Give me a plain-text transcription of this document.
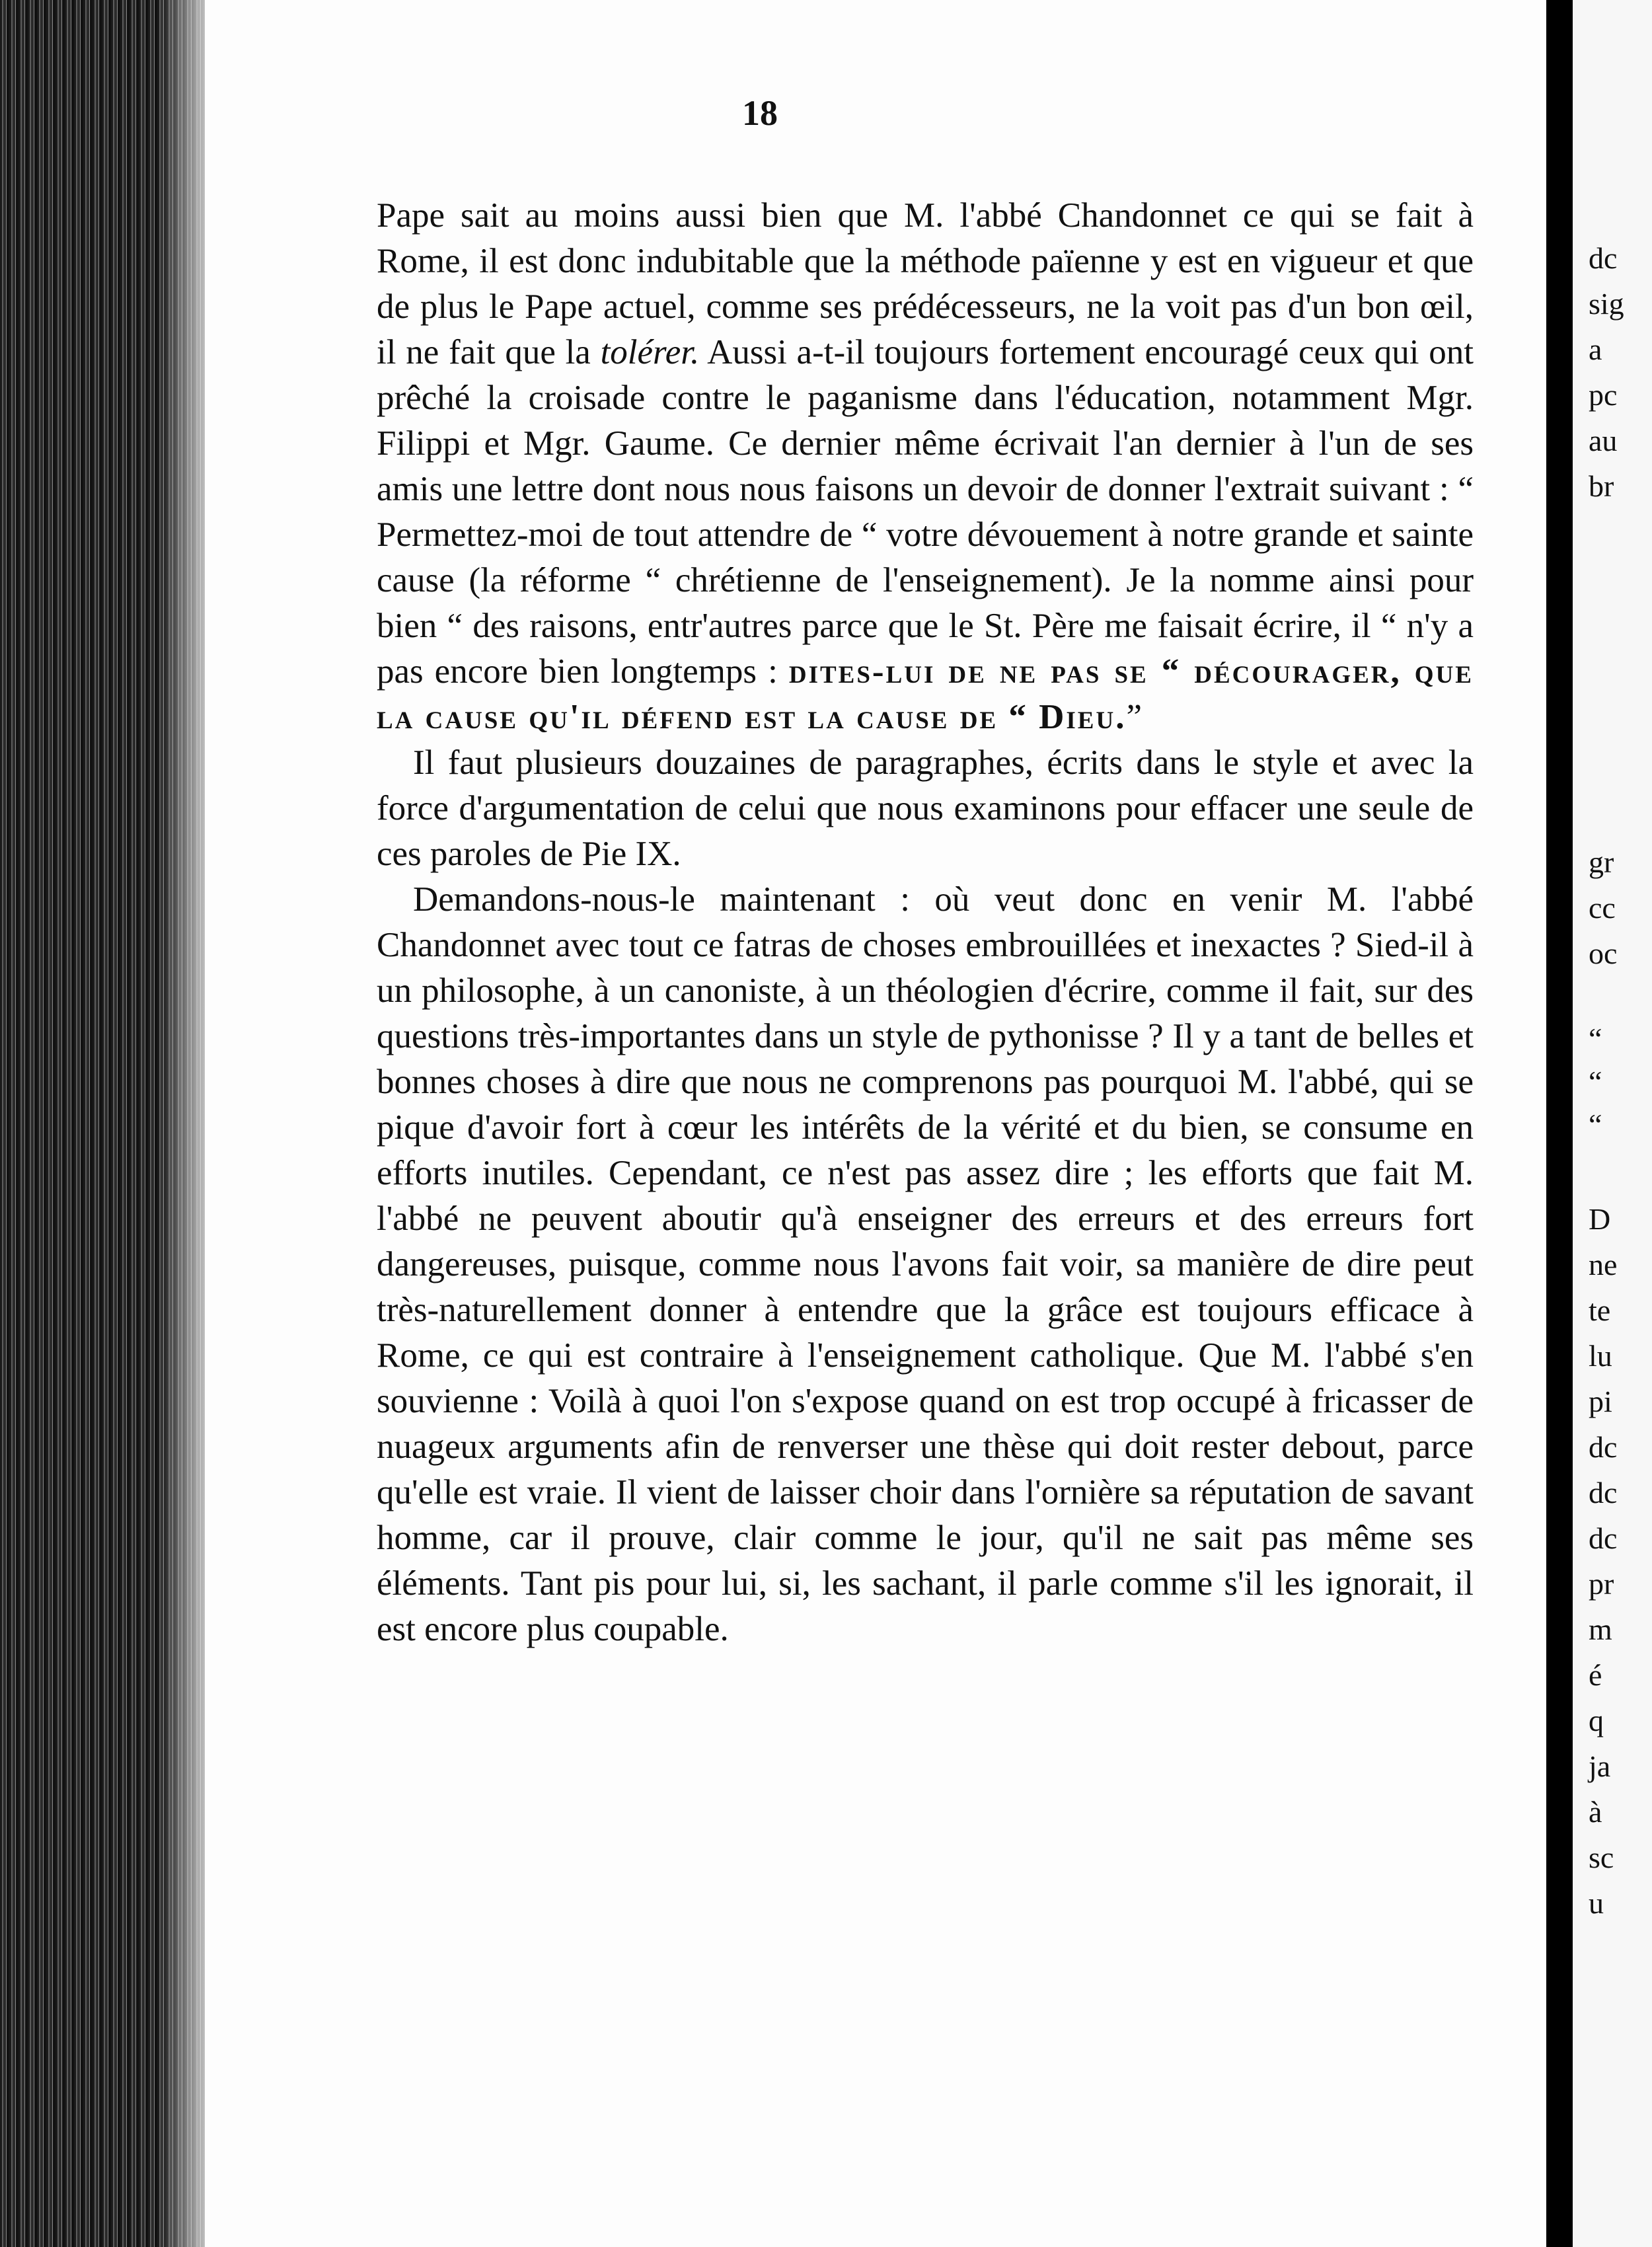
18

Pape sait au moins aussi bien que M. l'abbé Chandonnet ce qui se fait à Rome, il est donc indubitable que la méthode païenne y est en vigueur et que de plus le Pape actuel, comme ses prédécesseurs, ne la voit pas d'un bon œil, il ne fait que la tolérer. Aussi a-t-il toujours fortement encouragé ceux qui ont prêché la croisade contre le paganisme dans l'éducation, notamment Mgr. Filippi et Mgr. Gaume. Ce dernier même écrivait l'an dernier à l'un de ses amis une lettre dont nous nous faisons un devoir de donner l'extrait suivant : “ Permettez-moi de tout attendre de “ votre dévouement à notre grande et sainte cause (la réforme “ chrétienne de l'enseignement). Je la nomme ainsi pour bien “ des raisons, entr'autres parce que le St. Père me faisait écrire, il “ n'y a pas encore bien longtemps : dites-lui de ne pas se “ décourager, que la cause qu'il défend est la cause de “ Dieu.”

Il faut plusieurs douzaines de paragraphes, écrits dans le style et avec la force d'argumentation de celui que nous examinons pour effacer une seule de ces paroles de Pie IX.

Demandons-nous-le maintenant : où veut donc en venir M. l'abbé Chandonnet avec tout ce fatras de choses embrouillées et inexactes ? Sied-il à un philosophe, à un canoniste, à un théologien d'écrire, comme il fait, sur des questions très-importantes dans un style de pythonisse ? Il y a tant de belles et bonnes choses à dire que nous ne comprenons pas pourquoi M. l'abbé, qui se pique d'avoir fort à cœur les intérêts de la vérité et du bien, se consume en efforts inutiles. Cependant, ce n'est pas assez dire ; les efforts que fait M. l'abbé ne peuvent aboutir qu'à enseigner des erreurs et des erreurs fort dangereuses, puisque, comme nous l'avons fait voir, sa manière de dire peut très-naturellement donner à entendre que la grâce est toujours efficace à Rome, ce qui est contraire à l'enseignement catholique. Que M. l'abbé s'en souvienne : Voilà à quoi l'on s'expose quand on est trop occupé à fricasser de nuageux arguments afin de renverser une thèse qui doit rester debout, parce qu'elle est vraie. Il vient de laisser choir dans l'ornière sa réputation de savant homme, car il prouve, clair comme le jour, qu'il ne sait pas même ses éléments. Tant pis pour lui, si, les sachant, il parle comme s'il les ignorait, il est encore plus coupable.

dc
sig
a
pc
au
br
gr
cc
oc
“
“
“
D
ne
te
lu
pi
dc
dc
dc
pr
m
é
q
ja
à
sc
u
